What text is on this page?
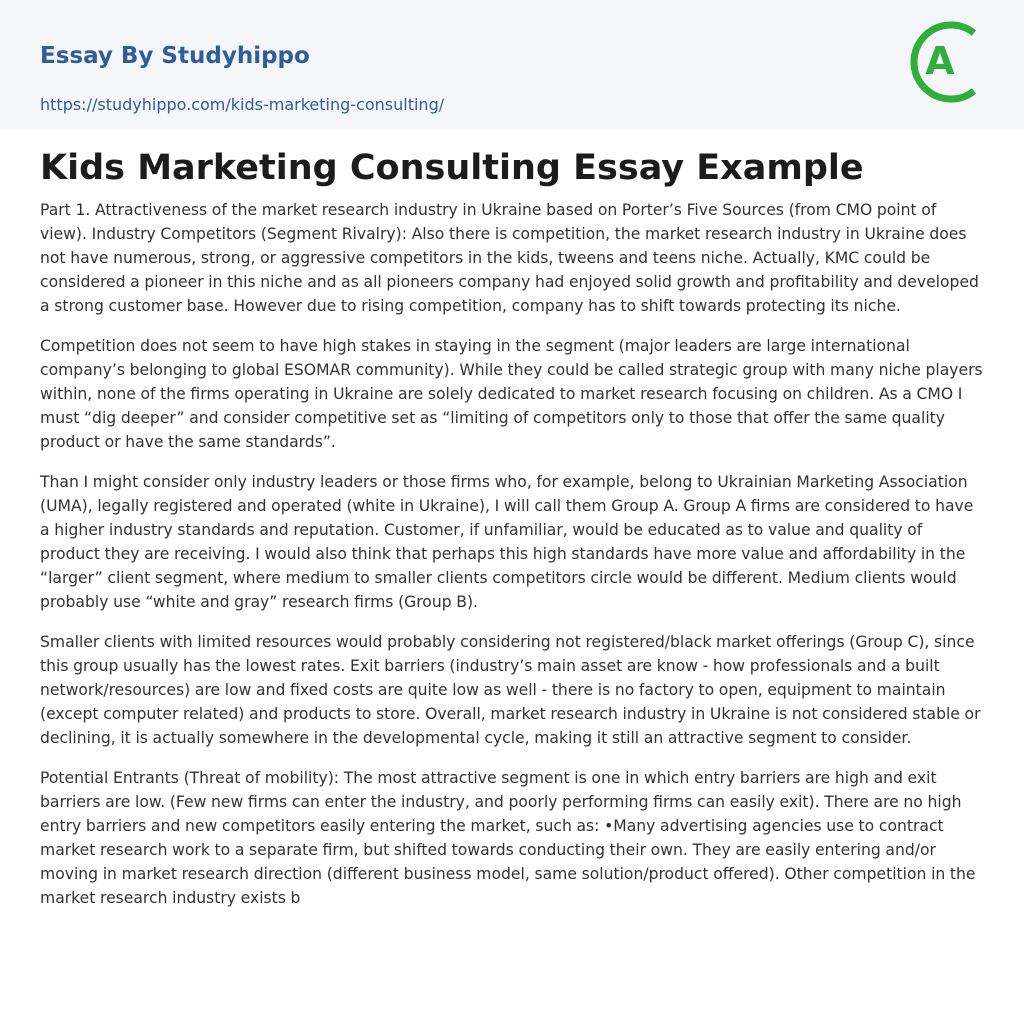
Essay By Studyhippo
https://studyhippo.com/kids-marketing-consulting/
A
Kids Marketing Consulting Essay Example

Part 1. Attractiveness of the market research industry in Ukraine based on Porter’s Five Sources (from CMO point of view). Industry Competitors (Segment Rivalry): Also there is competition, the market research industry in Ukraine does not have numerous, strong, or aggressive competitors in the kids, tweens and teens niche. Actually, KMC could be considered a pioneer in this niche and as all pioneers company had enjoyed solid growth and profitability and developed a strong customer base. However due to rising competition, company has to shift towards protecting its niche.

Competition does not seem to have high stakes in staying in the segment (major leaders are large international company’s belonging to global ESOMAR community). While they could be called strategic group with many niche players within, none of the firms operating in Ukraine are solely dedicated to market research focusing on children. As a CMO I must “dig deeper” and consider competitive set as “limiting of competitors only to those that offer the same quality product or have the same standards”.

Than I might consider only industry leaders or those firms who, for example, belong to Ukrainian Marketing Association (UMA), legally registered and operated (white in Ukraine), I will call them Group A. Group A firms are considered to have a higher industry standards and reputation. Customer, if unfamiliar, would be educated as to value and quality of product they are receiving. I would also think that perhaps this high standards have more value and affordability in the “larger” client segment, where medium to smaller clients competitors circle would be different. Medium clients would probably use “white and gray” research firms (Group B).

Smaller clients with limited resources would probably considering not registered/black market offerings (Group C), since this group usually has the lowest rates. Exit barriers (industry’s main asset are know - how professionals and a built network/resources) are low and fixed costs are quite low as well - there is no factory to open, equipment to maintain (except computer related) and products to store. Overall, market research industry in Ukraine is not considered stable or declining, it is actually somewhere in the developmental cycle, making it still an attractive segment to consider.

Potential Entrants (Threat of mobility): The most attractive segment is one in which entry barriers are high and exit barriers are low. (Few new firms can enter the industry, and poorly performing firms can easily exit). There are no high entry barriers and new competitors easily entering the market, such as: •Many advertising agencies use to contract market research work to a separate firm, but shifted towards conducting their own. They are easily entering and/or moving in market research direction (different business model, same solution/product offered). Other competition in the market research industry exists b
